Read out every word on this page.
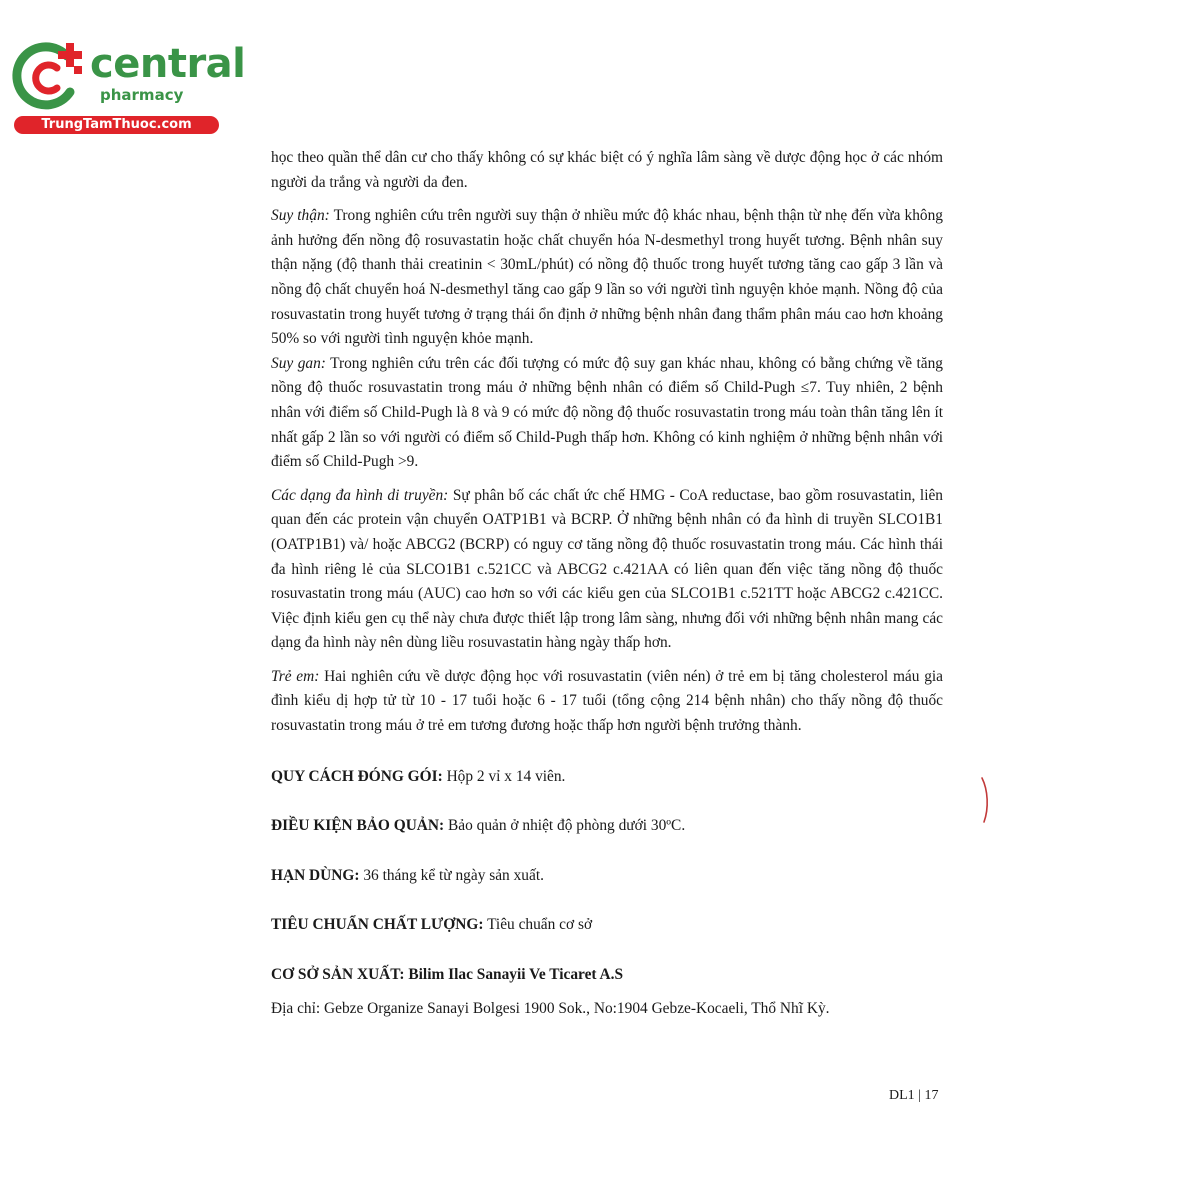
central
pharmacy
TrungTamThuoc.com

học theo quần thể dân cư cho thấy không có sự khác biệt có ý nghĩa lâm sàng về dược động học ở các nhóm người da trắng và người da đen.

Suy thận: Trong nghiên cứu trên người suy thận ở nhiều mức độ khác nhau, bệnh thận từ nhẹ đến vừa không ảnh hưởng đến nồng độ rosuvastatin hoặc chất chuyển hóa N-desmethyl trong huyết tương. Bệnh nhân suy thận nặng (độ thanh thải creatinin < 30mL/phút) có nồng độ thuốc trong huyết tương tăng cao gấp 3 lần và nồng độ chất chuyển hoá N-desmethyl tăng cao gấp 9 lần so với người tình nguyện khỏe mạnh. Nồng độ của rosuvastatin trong huyết tương ở trạng thái ổn định ở những bệnh nhân đang thẩm phân máu cao hơn khoảng 50% so với người tình nguyện khỏe mạnh.

Suy gan: Trong nghiên cứu trên các đối tượng có mức độ suy gan khác nhau, không có bằng chứng về tăng nồng độ thuốc rosuvastatin trong máu ở những bệnh nhân có điểm số Child-Pugh ≤7. Tuy nhiên, 2 bệnh nhân với điểm số Child-Pugh là 8 và 9 có mức độ nồng độ thuốc rosuvastatin trong máu toàn thân tăng lên ít nhất gấp 2 lần so với người có điểm số Child-Pugh thấp hơn. Không có kinh nghiệm ở những bệnh nhân với điểm số Child-Pugh >9.

Các dạng đa hình di truyền: Sự phân bố các chất ức chế HMG - CoA reductase, bao gồm rosuvastatin, liên quan đến các protein vận chuyển OATP1B1 và BCRP. Ở những bệnh nhân có đa hình di truyền SLCO1B1 (OATP1B1) và/ hoặc ABCG2 (BCRP) có nguy cơ tăng nồng độ thuốc rosuvastatin trong máu. Các hình thái đa hình riêng lẻ của SLCO1B1 c.521CC và ABCG2 c.421AA có liên quan đến việc tăng nồng độ thuốc rosuvastatin trong máu (AUC) cao hơn so với các kiểu gen của SLCO1B1 c.521TT hoặc ABCG2 c.421CC. Việc định kiểu gen cụ thể này chưa được thiết lập trong lâm sàng, nhưng đối với những bệnh nhân mang các dạng đa hình này nên dùng liều rosuvastatin hàng ngày thấp hơn.

Trẻ em: Hai nghiên cứu về dược động học với rosuvastatin (viên nén) ở trẻ em bị tăng cholesterol máu gia đình kiểu dị hợp tử từ 10 - 17 tuổi hoặc 6 - 17 tuổi (tổng cộng 214 bệnh nhân) cho thấy nồng độ thuốc rosuvastatin trong máu ở trẻ em tương đương hoặc thấp hơn người bệnh trưởng thành.

QUY CÁCH ĐÓNG GÓI: Hộp 2 vỉ x 14 viên.

ĐIỀU KIỆN BẢO QUẢN: Bảo quản ở nhiệt độ phòng dưới 30ºC.

HẠN DÙNG: 36 tháng kể từ ngày sản xuất.

TIÊU CHUẨN CHẤT LƯỢNG: Tiêu chuẩn cơ sở

CƠ SỞ SẢN XUẤT: Bilim Ilac Sanayii Ve Ticaret A.S

Địa chỉ: Gebze Organize Sanayi Bolgesi 1900 Sok., No:1904 Gebze-Kocaeli, Thổ Nhĩ Kỳ.

DL1 | 17
